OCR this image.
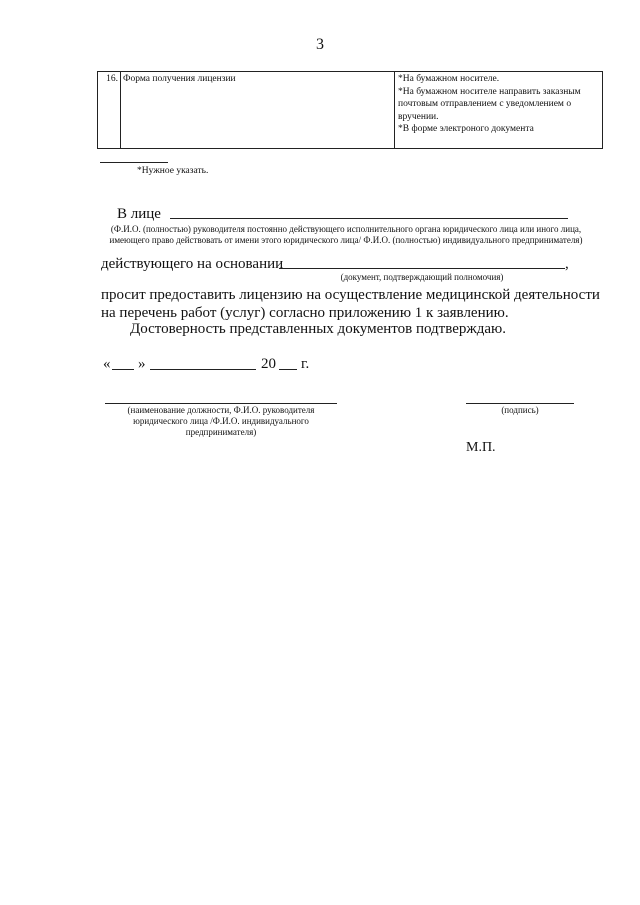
3
16.	Форма получения лицензии	*На бумажном носителе.
*На бумажном носителе направить заказным почтовым отправлением с уведомлением о вручении.
*В форме электроного документа
*Нужное указать.
В лице
(Ф.И.О. (полностью) руководителя постоянно действующего исполнительного органа юридического лица или иного лица, имеющего право действовать от имени этого юридического лица/ Ф.И.О. (полностью) индивидуального предпринимателя)
действующего на основании	,
(документ, подтверждающий полномочия)
просит предоставить лицензию на осуществление медицинской деятельности на перечень работ (услуг) согласно приложению 1 к заявлению.
Достоверность представленных документов подтверждаю.
« »	20 г.
(наименование должности, Ф.И.О. руководителя юридического лица /Ф.И.О. индивидуального предпринимателя)
(подпись)
М.П.
